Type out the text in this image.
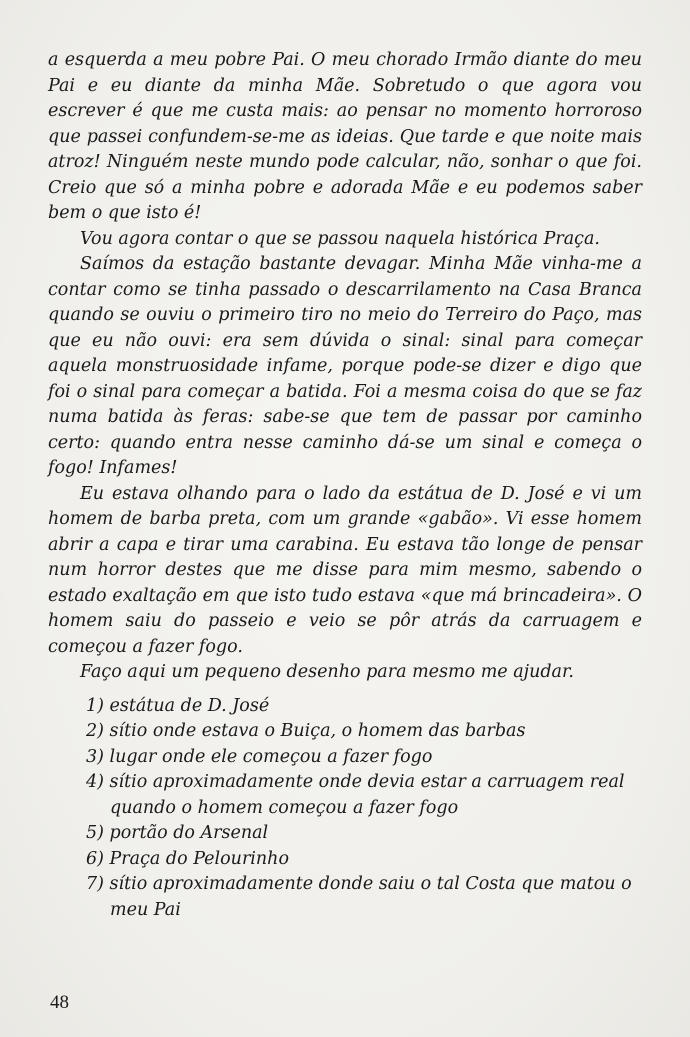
a esquerda a meu pobre Pai. O meu chorado Irmão diante do meu Pai e eu diante da minha Mãe. Sobretudo o que agora vou escrever é que me custa mais: ao pensar no momento horroroso que passei confundem-se-me as ideias. Que tarde e que noite mais atroz! Ninguém neste mundo pode calcular, não, sonhar o que foi. Creio que só a minha pobre e adorada Mãe e eu podemos saber bem o que isto é!

Vou agora contar o que se passou naquela histórica Praça.

Saímos da estação bastante devagar. Minha Mãe vinha-me a contar como se tinha passado o descarrilamento na Casa Branca quando se ouviu o primeiro tiro no meio do Terreiro do Paço, mas que eu não ouvi: era sem dúvida o sinal: sinal para começar aquela monstruosidade infame, porque pode-se dizer e digo que foi o sinal para começar a batida. Foi a mesma coisa do que se faz numa batida às feras: sabe-se que tem de passar por caminho certo: quando entra nesse caminho dá-se um sinal e começa o fogo! Infames!

Eu estava olhando para o lado da estátua de D. José e vi um homem de barba preta, com um grande «gabão». Vi esse homem abrir a capa e tirar uma carabina. Eu estava tão longe de pensar num horror destes que me disse para mim mesmo, sabendo o estado exaltação em que isto tudo estava «que má brincadeira». O homem saiu do passeio e veio se pôr atrás da carruagem e começou a fazer fogo.

Faço aqui um pequeno desenho para mesmo me ajudar.

1) estátua de D. José
2) sítio onde estava o Buiça, o homem das barbas
3) lugar onde ele começou a fazer fogo
4) sítio aproximadamente onde devia estar a carruagem real
quando o homem começou a fazer fogo
5) portão do Arsenal
6) Praça do Pelourinho
7) sítio aproximadamente donde saiu o tal Costa que matou o
meu Pai
48
